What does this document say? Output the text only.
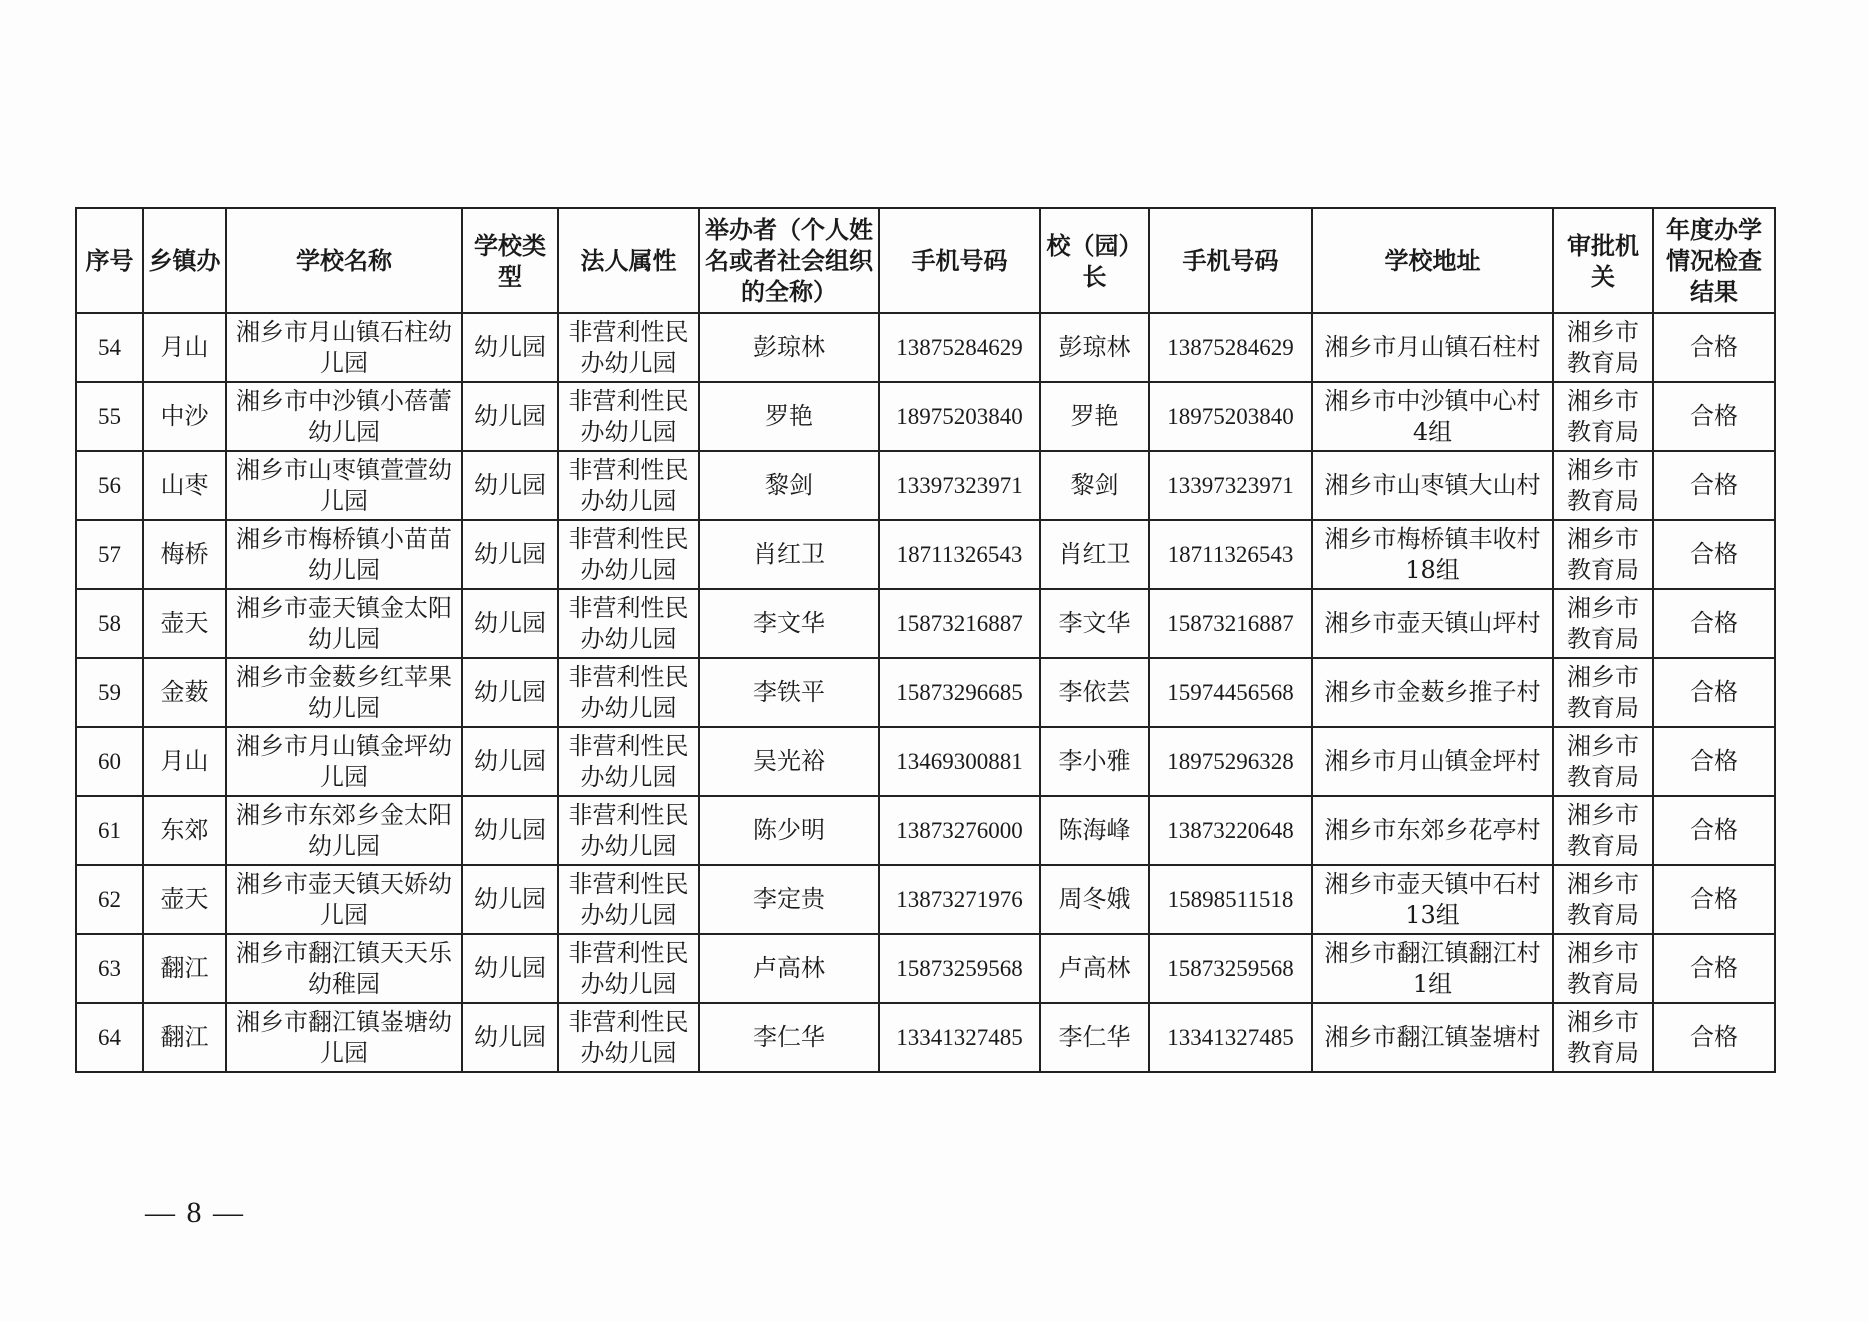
序号	乡镇办	学校名称	学校类型	法人属性	举办者（个人姓名或者社会组织的全称）	手机号码	校（园）长	手机号码	学校地址	审批机关	年度办学情况检查结果
54	月山	湘乡市月山镇石柱幼儿园	幼儿园	非营利性民办幼儿园	彭琼林	13875284629	彭琼林	13875284629	湘乡市月山镇石柱村	湘乡市教育局	合格
55	中沙	湘乡市中沙镇小蓓蕾幼儿园	幼儿园	非营利性民办幼儿园	罗艳	18975203840	罗艳	18975203840	湘乡市中沙镇中心村4组	湘乡市教育局	合格
56	山枣	湘乡市山枣镇萱萱幼儿园	幼儿园	非营利性民办幼儿园	黎剑	13397323971	黎剑	13397323971	湘乡市山枣镇大山村	湘乡市教育局	合格
57	梅桥	湘乡市梅桥镇小苗苗幼儿园	幼儿园	非营利性民办幼儿园	肖红卫	18711326543	肖红卫	18711326543	湘乡市梅桥镇丰收村18组	湘乡市教育局	合格
58	壶天	湘乡市壶天镇金太阳幼儿园	幼儿园	非营利性民办幼儿园	李文华	15873216887	李文华	15873216887	湘乡市壶天镇山坪村	湘乡市教育局	合格
59	金薮	湘乡市金薮乡红苹果幼儿园	幼儿园	非营利性民办幼儿园	李铁平	15873296685	李依芸	15974456568	湘乡市金薮乡推子村	湘乡市教育局	合格
60	月山	湘乡市月山镇金坪幼儿园	幼儿园	非营利性民办幼儿园	吴光裕	13469300881	李小雅	18975296328	湘乡市月山镇金坪村	湘乡市教育局	合格
61	东郊	湘乡市东郊乡金太阳幼儿园	幼儿园	非营利性民办幼儿园	陈少明	13873276000	陈海峰	13873220648	湘乡市东郊乡花亭村	湘乡市教育局	合格
62	壶天	湘乡市壶天镇天娇幼儿园	幼儿园	非营利性民办幼儿园	李定贵	13873271976	周冬娥	15898511518	湘乡市壶天镇中石村13组	湘乡市教育局	合格
63	翻江	湘乡市翻江镇天天乐幼稚园	幼儿园	非营利性民办幼儿园	卢高林	15873259568	卢高林	15873259568	湘乡市翻江镇翻江村1组	湘乡市教育局	合格
64	翻江	湘乡市翻江镇崟塘幼儿园	幼儿园	非营利性民办幼儿园	李仁华	13341327485	李仁华	13341327485	湘乡市翻江镇崟塘村	湘乡市教育局	合格
— 8 —
